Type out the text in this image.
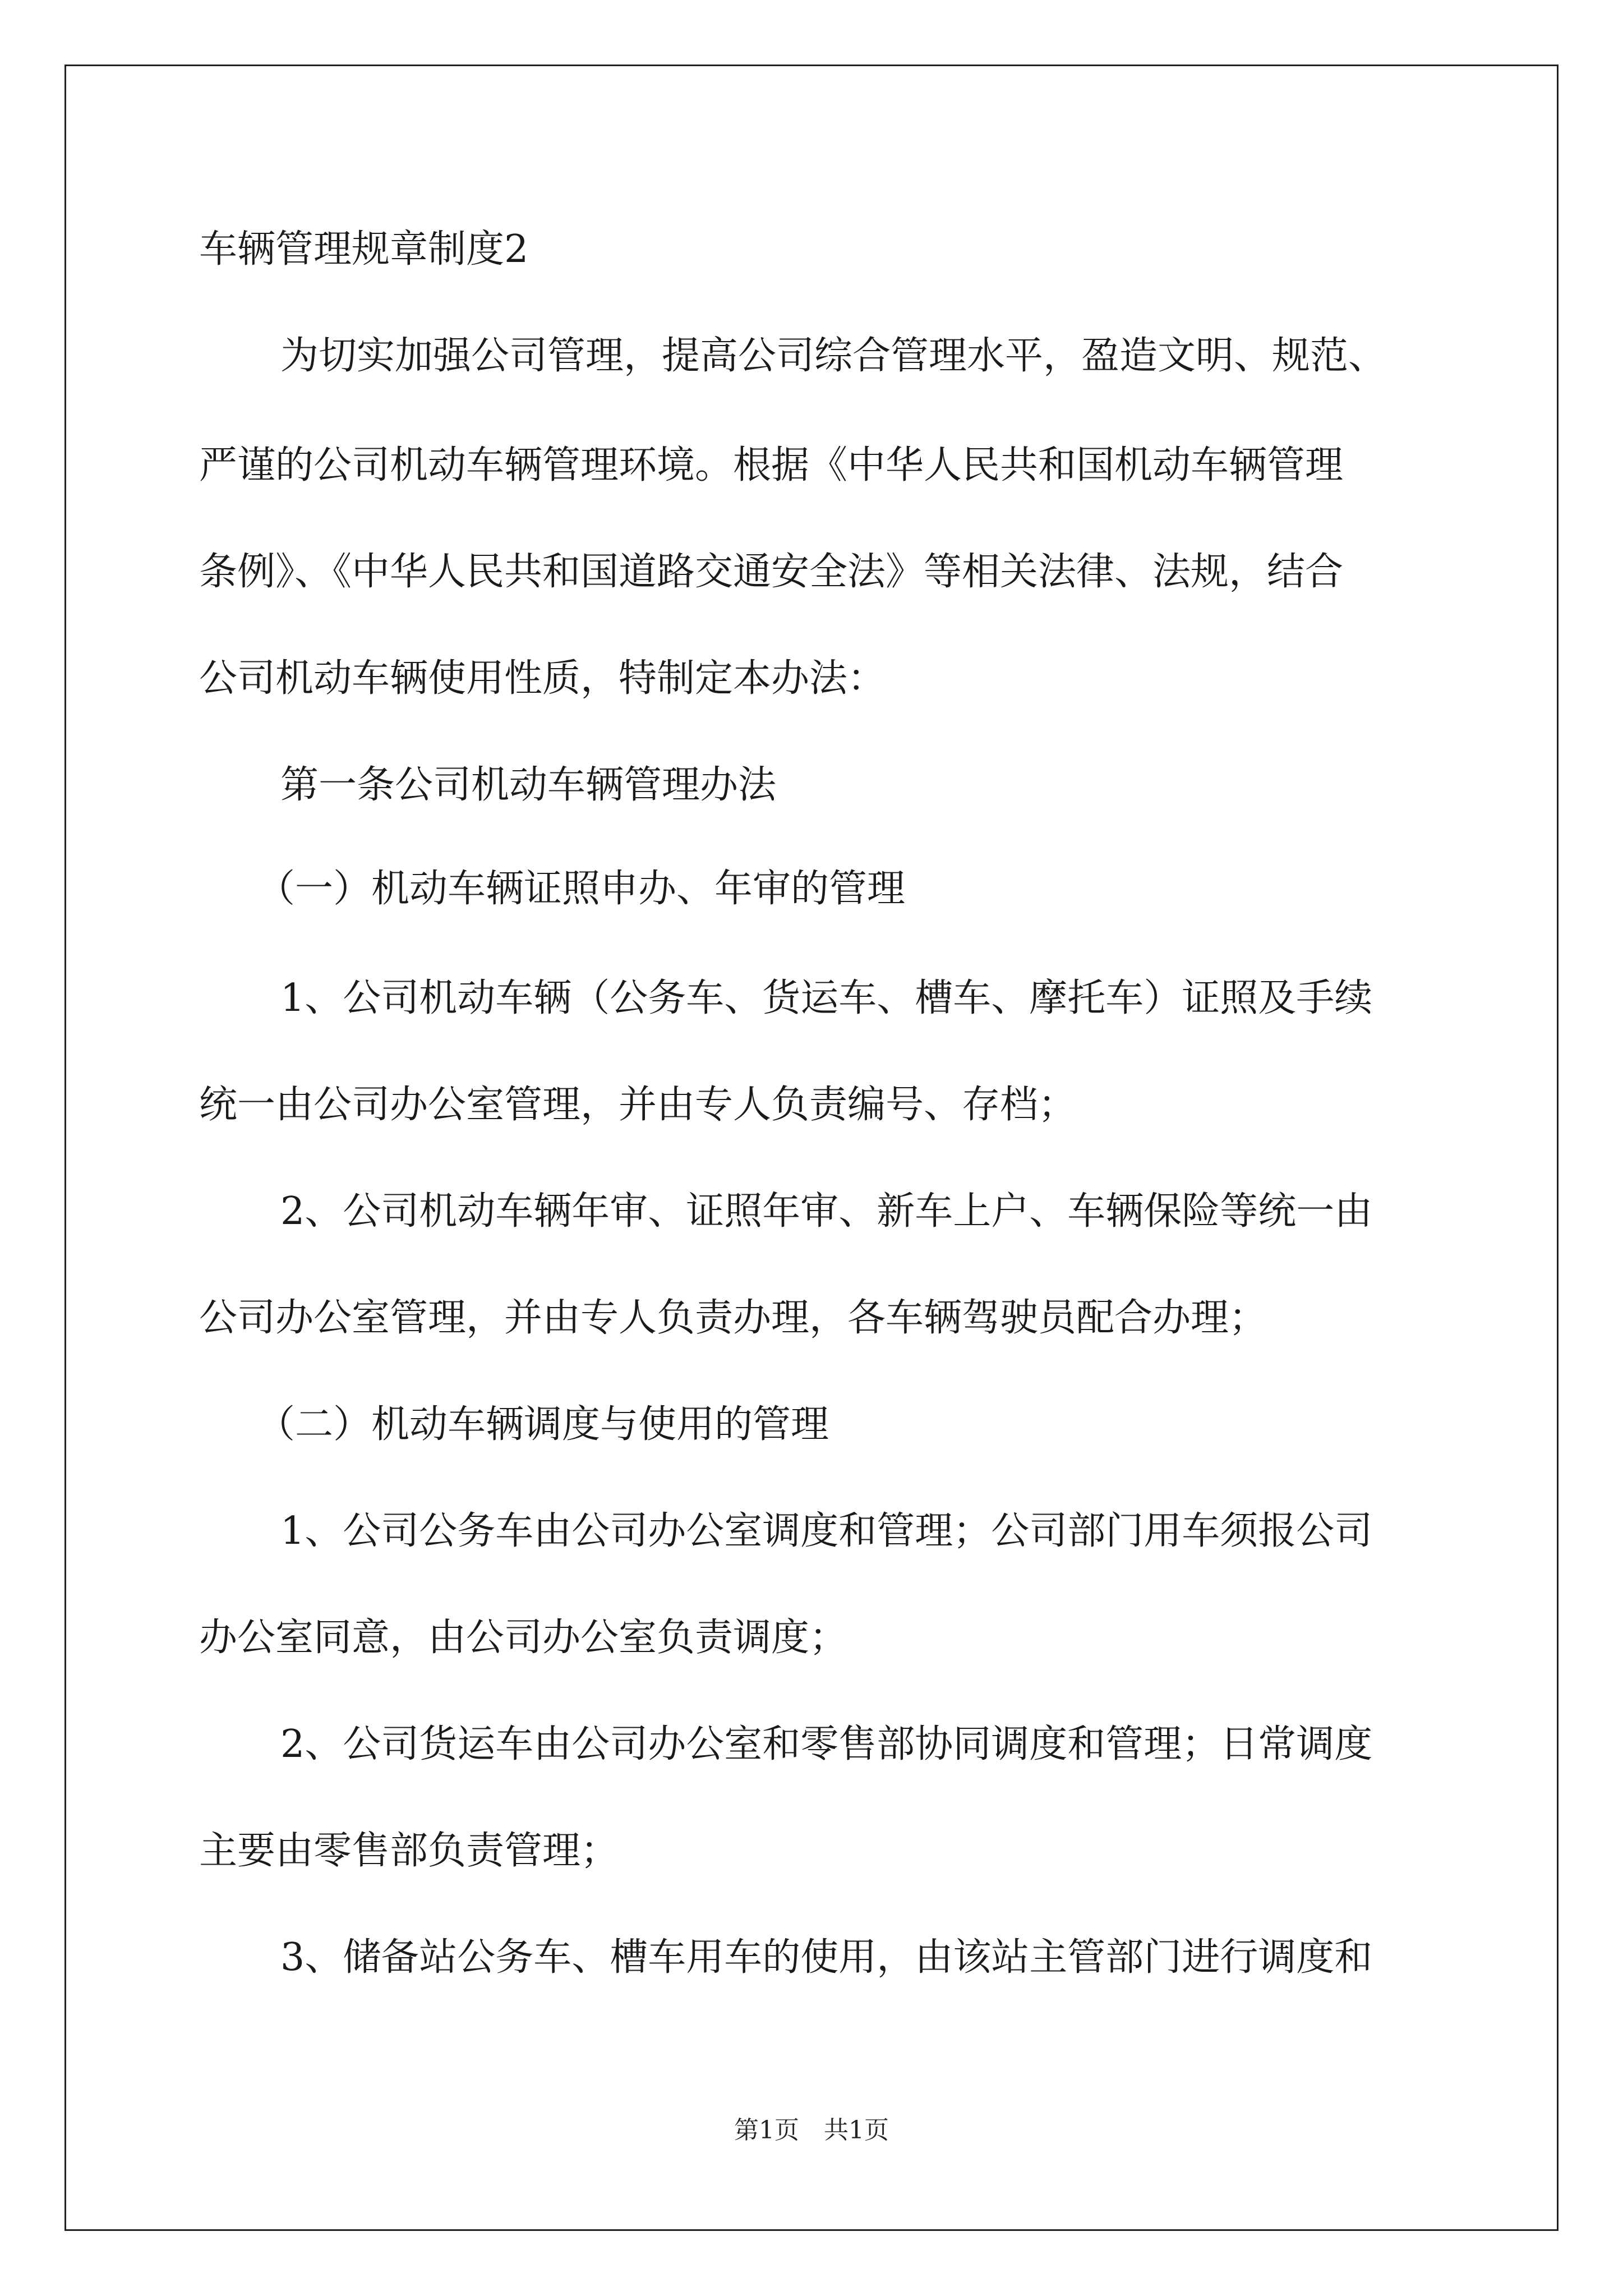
车辆管理规章制度2
为切实加强公司管理，提高公司综合管理水平，盈造文明、规范、
严谨的公司机动车辆管理环境。根据《中华人民共和国机动车辆管理
条例》、《中华人民共和国道路交通安全法》等相关法律、法规，结合
公司机动车辆使用性质，特制定本办法：
第一条公司机动车辆管理办法
（一）机动车辆证照申办、年审的管理
1、公司机动车辆（公务车、货运车、槽车、摩托车）证照及手续
统一由公司办公室管理，并由专人负责编号、存档；
2、公司机动车辆年审、证照年审、新车上户、车辆保险等统一由
公司办公室管理，并由专人负责办理，各车辆驾驶员配合办理；
（二）机动车辆调度与使用的管理
1、公司公务车由公司办公室调度和管理；公司部门用车须报公司
办公室同意，由公司办公室负责调度；
2、公司货运车由公司办公室和零售部协同调度和管理；日常调度
主要由零售部负责管理；
3、储备站公务车、槽车用车的使用，由该站主管部门进行调度和
第1页　共1页
